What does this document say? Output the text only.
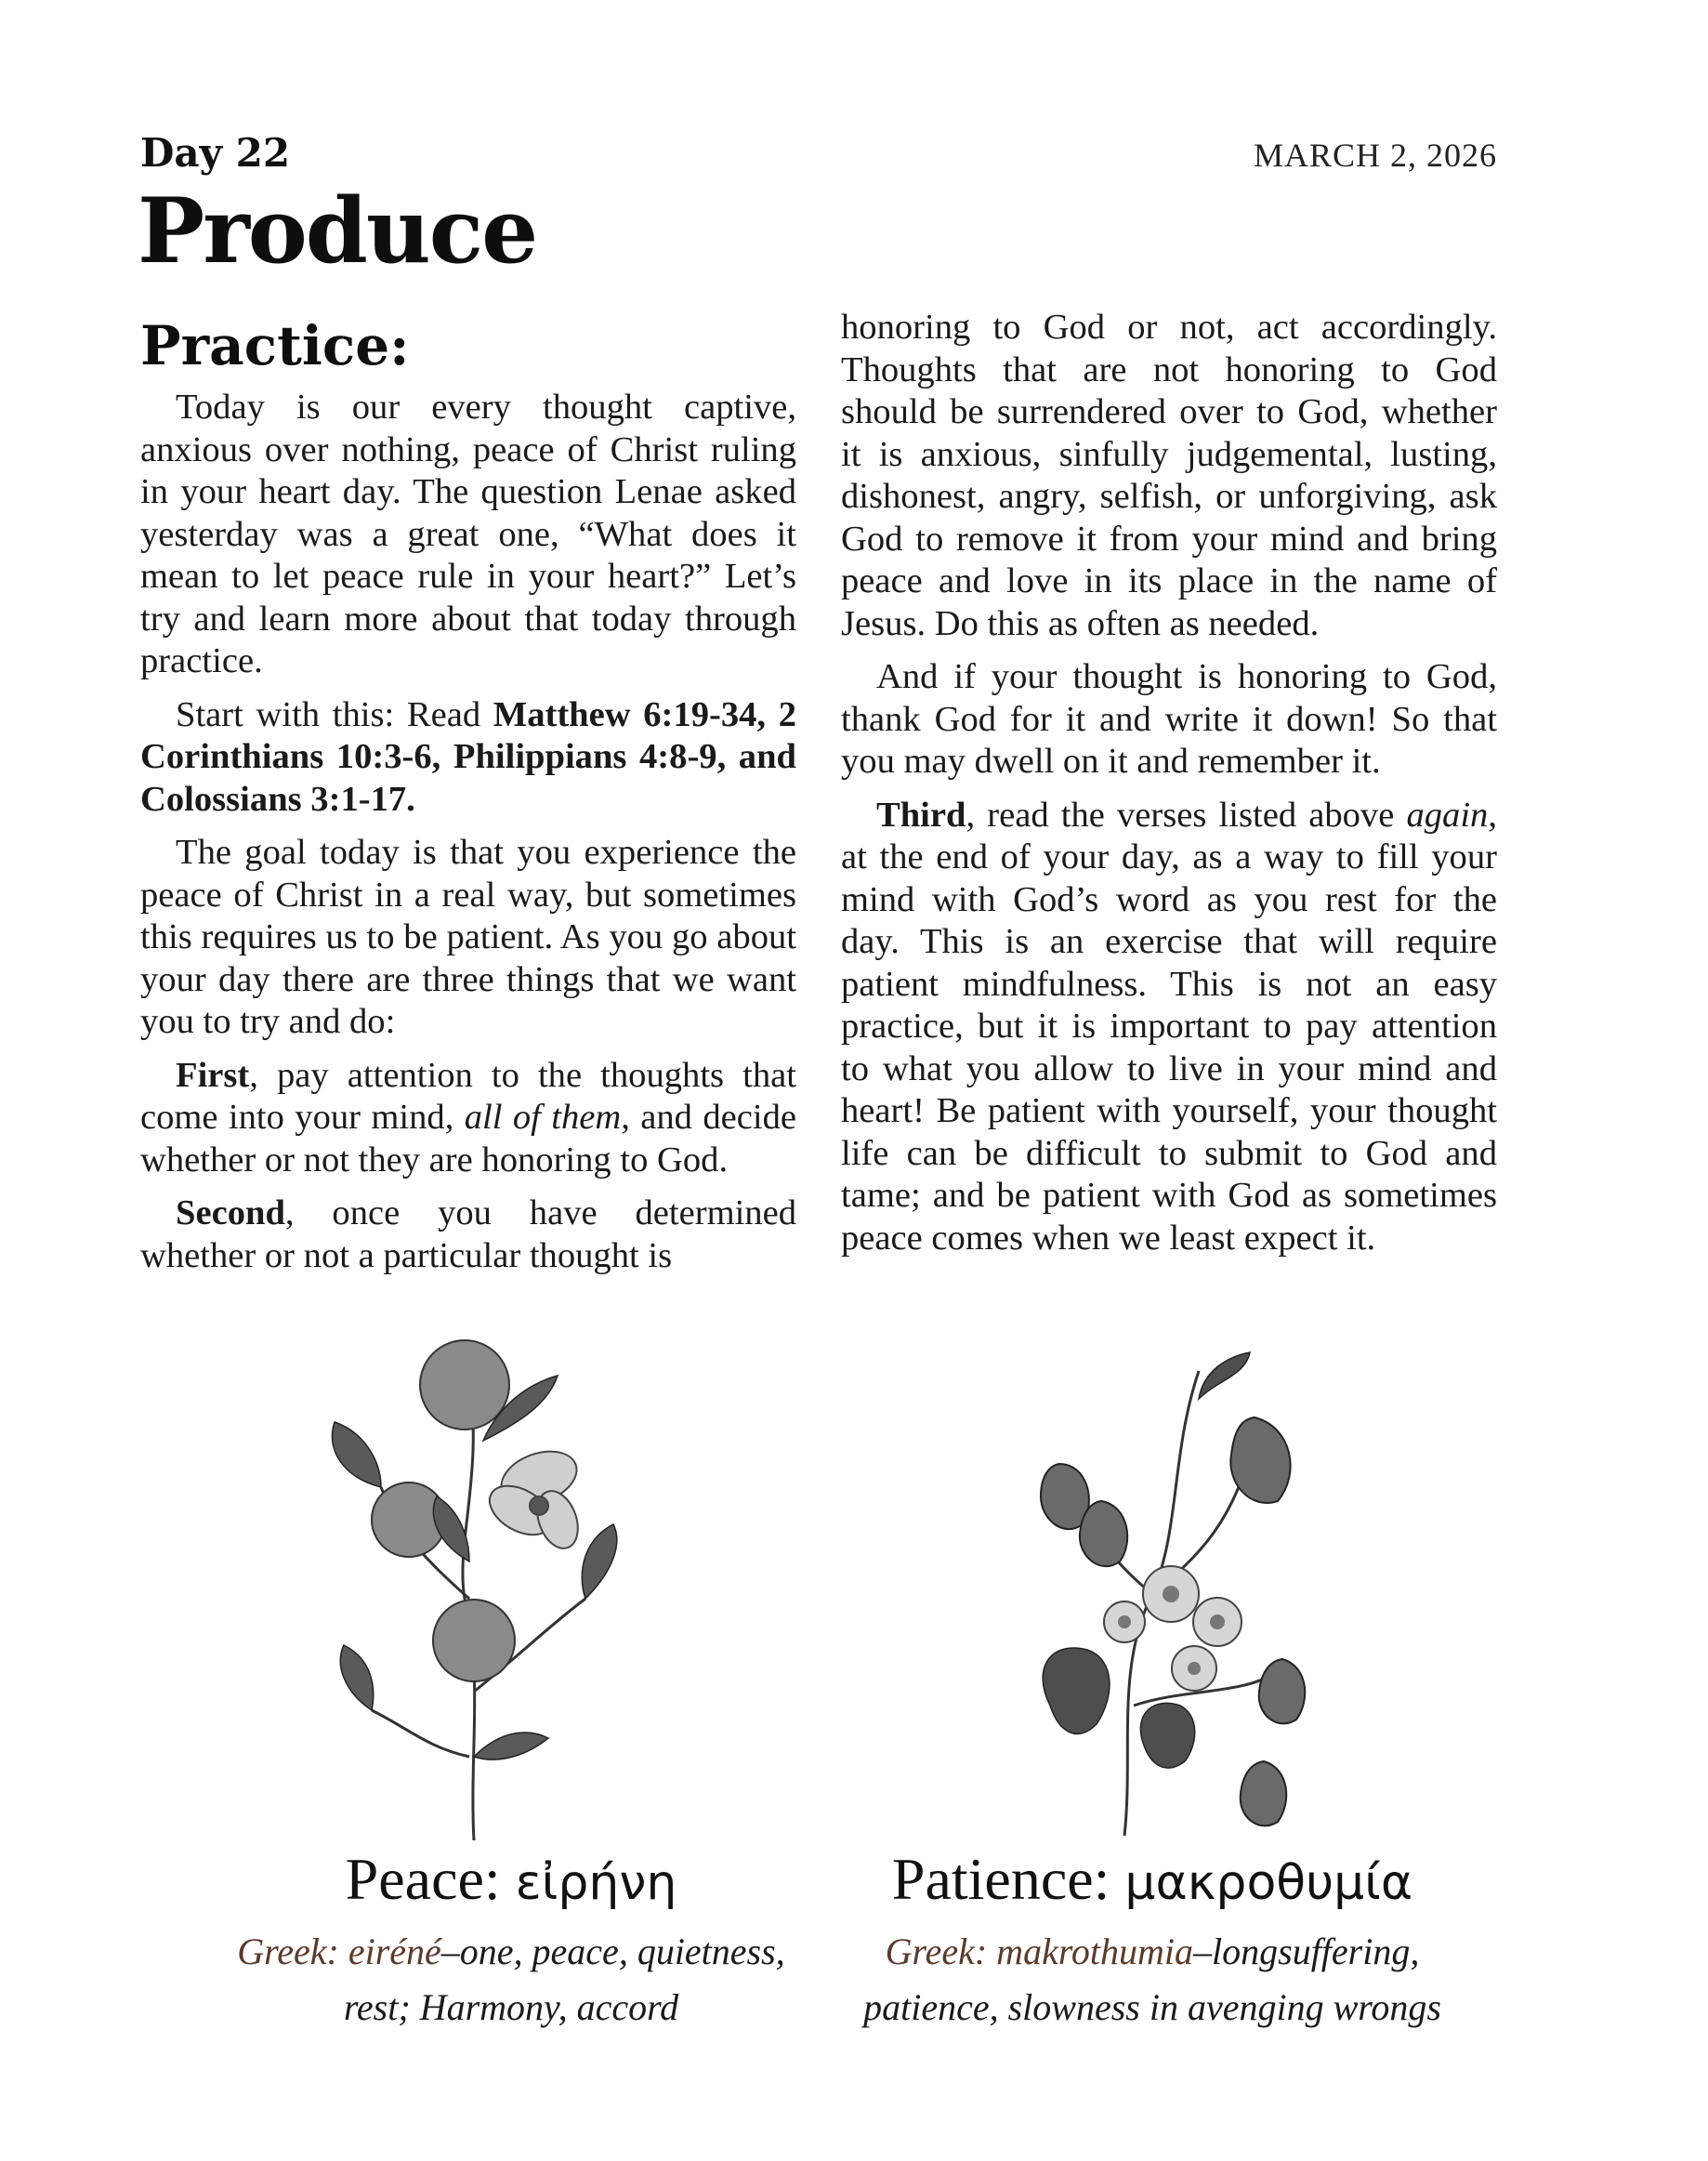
Day 22	MARCH 2, 2026
Produce
Practice:

Today is our every thought captive, anxious over nothing, peace of Christ ruling in your heart day. The question Lenae asked yesterday was a great one, “What does it mean to let peace rule in your heart?” Let’s try and learn more about that today through practice.

Start with this: Read Matthew 6:19-34, 2 Corinthians 10:3-6, Philippians 4:8-9, and Colossians 3:1-17.

The goal today is that you experience the peace of Christ in a real way, but sometimes this requires us to be patient. As you go about your day there are three things that we want you to try and do:

First, pay attention to the thoughts that come into your mind, all of them, and decide whether or not they are honoring to God.

Second, once you have determined whether or not a particular thought is

honoring to God or not, act accordingly. Thoughts that are not honoring to God should be surrendered over to God, whether it is anxious, sinfully judgemental, lusting, dishonest, angry, selfish, or unforgiving, ask God to remove it from your mind and bring peace and love in its place in the name of Jesus. Do this as often as needed.

And if your thought is honoring to God, thank God for it and write it down! So that you may dwell on it and remember it.

Third, read the verses listed above again, at the end of your day, as a way to fill your mind with God’s word as you rest for the day. This is an exercise that will require patient mindfulness. This is not an easy practice, but it is important to pay attention to what you allow to live in your mind and heart! Be patient with yourself, your thought life can be difficult to submit to God and tame; and be patient with God as sometimes peace comes when we least expect it.

Peace: εἰρήνη
Greek: eiréné–one, peace, quietness,
rest; Harmony, accord
Patience: μακροθυμία
Greek: makrothumia–longsuffering,
patience, slowness in avenging wrongs
